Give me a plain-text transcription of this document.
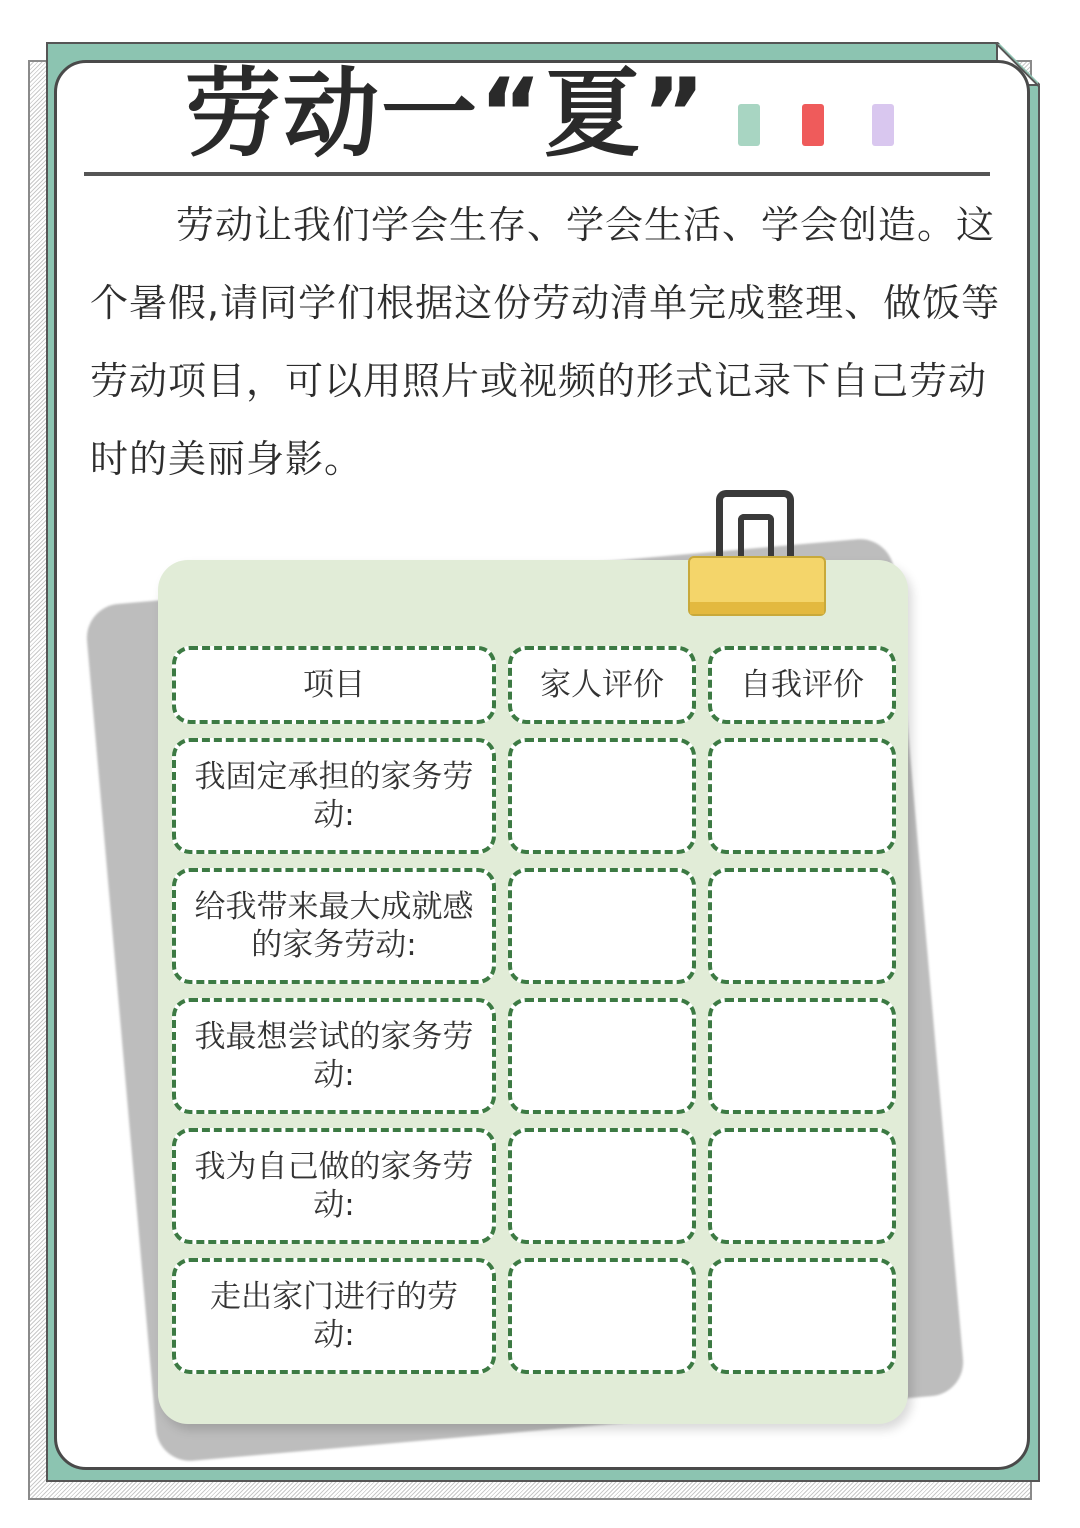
劳动一“夏”

劳动让我们学会生存、学会生活、学会创造。这个暑假,请同学们根据这份劳动清单完成整理、做饭等劳动项目，可以用照片或视频的形式记录下自己劳动时的美丽身影。

项目	家人评价	自我评价
我固定承担的家务劳动:
给我带来最大成就感的家务劳动:
我最想尝试的家务劳动:
我为自己做的家务劳动:
走出家门进行的劳动:
